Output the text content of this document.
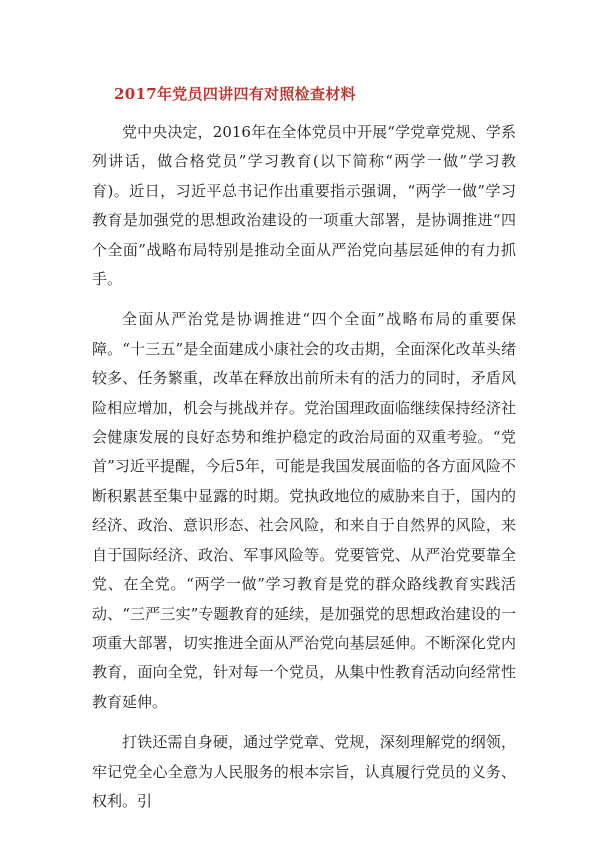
2017年党员四讲四有对照检查材料

党中央决定，2016年在全体党员中开展“学党章党规、学系列讲话，做合格党员”学习教育(以下简称“两学一做”学习教育)。近日，习近平总书记作出重要指示强调，“两学一做”学习教育是加强党的思想政治建设的一项重大部署，是协调推进“四个全面”战略布局特别是推动全面从严治党向基层延伸的有力抓手。

全面从严治党是协调推进“四个全面”战略布局的重要保障。“十三五”是全面建成小康社会的攻击期，全面深化改革头绪较多、任务繁重，改革在释放出前所未有的活力的同时，矛盾风险相应增加，机会与挑战并存。党治国理政面临继续保持经济社会健康发展的良好态势和维护稳定的政治局面的双重考验。“党首”习近平提醒，今后5年，可能是我国发展面临的各方面风险不断积累甚至集中显露的时期。党执政地位的威胁来自于，国内的经济、政治、意识形态、社会风险，和来自于自然界的风险，来自于国际经济、政治、军事风险等。党要管党、从严治党要靠全党、在全党。“两学一做”学习教育是党的群众路线教育实践活动、“三严三实”专题教育的延续，是加强党的思想政治建设的一项重大部署，切实推进全面从严治党向基层延伸。不断深化党内教育，面向全党，针对每一个党员，从集中性教育活动向经常性教育延伸。

打铁还需自身硬，通过学党章、党规，深刻理解党的纲领，牢记党全心全意为人民服务的根本宗旨，认真履行党员的义务、权利。引
